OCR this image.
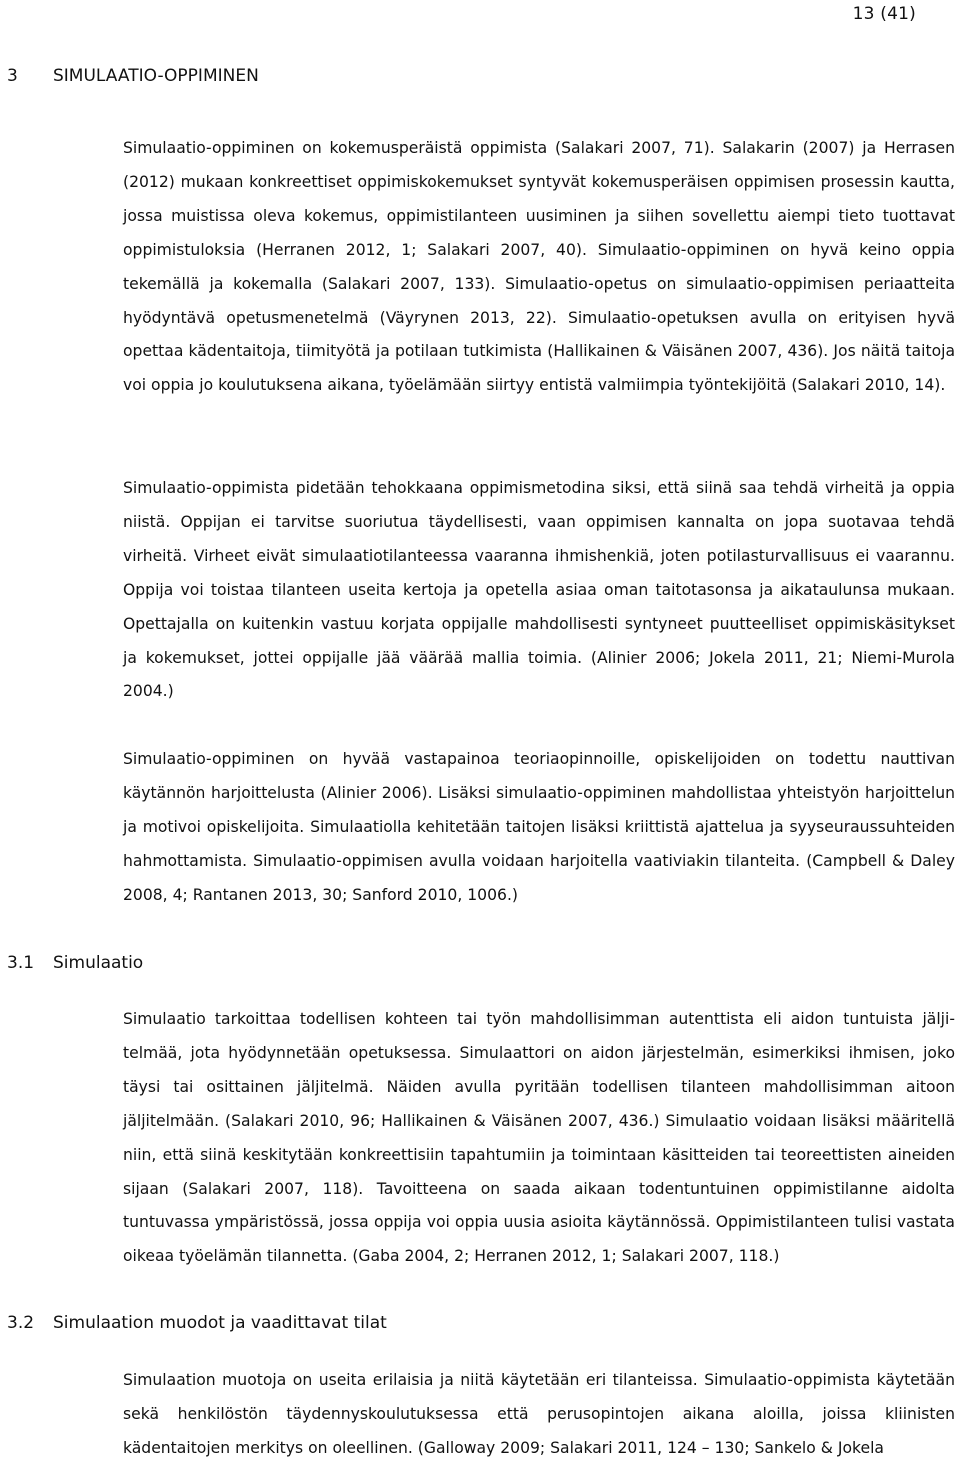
13 (41)
3 SIMULAATIO-OPPIMINEN

Simulaatio-oppiminen on kokemusperäistä oppimista (Salakari 2007, 71). Salakarin (2007) ja Herrasen (2012) mukaan konkreettiset oppimiskokemukset syntyvät kokemusperäisen oppimisen prosessin kautta, jossa muistissa oleva kokemus, oppimistilanteen uusiminen ja siihen sovellettu aiempi tieto tuottavat oppimistuloksia (Herranen 2012, 1; Salakari 2007, 40). Simulaatio-oppiminen on hyvä keino oppia tekemällä ja kokemalla (Salakari 2007, 133). Simulaatio-opetus on simulaatio-oppimisen periaatteita hyödyntävä opetusmenetelmä (Väyrynen 2013, 22). Simulaatio-opetuksen avulla on erityisen hyvä opettaa kädentaitoja, tiimityötä ja potilaan tutkimista (Hallikainen & Väisänen 2007, 436). Jos näitä taitoja voi oppia jo koulutuksena aikana, työelämään siirtyy entistä valmiimpia työntekijöitä (Salakari 2010, 14).

Simulaatio-oppimista pidetään tehokkaana oppimismetodina siksi, että siinä saa tehdä virheitä ja oppia niistä. Oppijan ei tarvitse suoriutua täydellisesti, vaan oppimisen kannalta on jopa suotavaa tehdä virheitä. Virheet eivät simulaatiotilanteessa vaaranna ihmishenkiä, joten potilasturvallisuus ei vaarannu. Oppija voi toistaa tilanteen useita kertoja ja opetella asiaa oman taitotasonsa ja aikataulunsa mukaan. Opettajalla on kuitenkin vastuu korjata oppijalle mahdollisesti syntyneet puutteelliset oppimiskäsitykset ja kokemukset, jottei oppijalle jää väärää mallia toimia. (Alinier 2006; Jokela 2011, 21; Niemi-Murola 2004.)

Simulaatio-oppiminen on hyvää vastapainoa teoriaopinnoille, opiskelijoiden on todettu nauttivan käytännön harjoittelusta (Alinier 2006). Lisäksi simulaatio-oppiminen mahdollistaa yhteistyön harjoittelun ja motivoi opiskelijoita. Simulaatiolla kehitetään taitojen lisäksi kriittistä ajattelua ja syyseuraussuhteiden hahmottamista. Simulaatio-oppimisen avulla voidaan harjoitella vaativiakin tilanteita. (Campbell & Daley 2008, 4; Rantanen 2013, 30; Sanford 2010, 1006.)

3.1 Simulaatio

Simulaatio tarkoittaa todellisen kohteen tai työn mahdollisimman autenttista eli aidon tuntuista jäljitelmää, jota hyödynnetään opetuksessa. Simulaattori on aidon järjestelmän, esimerkiksi ihmisen, joko täysi tai osittainen jäljitelmä. Näiden avulla pyritään todellisen tilanteen mahdollisimman aitoon jäljitelmään. (Salakari 2010, 96; Hallikainen & Väisänen 2007, 436.) Simulaatio voidaan lisäksi määritellä niin, että siinä keskitytään konkreettisiin tapahtumiin ja toimintaan käsitteiden tai teoreettisten aineiden sijaan (Salakari 2007, 118). Tavoitteena on saada aikaan todentuntuinen oppimistilanne aidolta tuntuvassa ympäristössä, jossa oppija voi oppia uusia asioita käytännössä. Oppimistilanteen tulisi vastata oikeaa työelämän tilannetta. (Gaba 2004, 2; Herranen 2012, 1; Salakari 2007, 118.)

3.2 Simulaation muodot ja vaadittavat tilat

Simulaation muotoja on useita erilaisia ja niitä käytetään eri tilanteissa. Simulaatio-oppimista käytetään sekä henkilöstön täydennyskoulutuksessa että perusopintojen aikana aloilla, joissa kliinisten kädentaitojen merkitys on oleellinen. (Galloway 2009; Salakari 2011, 124 – 130; Sankelo & Jokela
